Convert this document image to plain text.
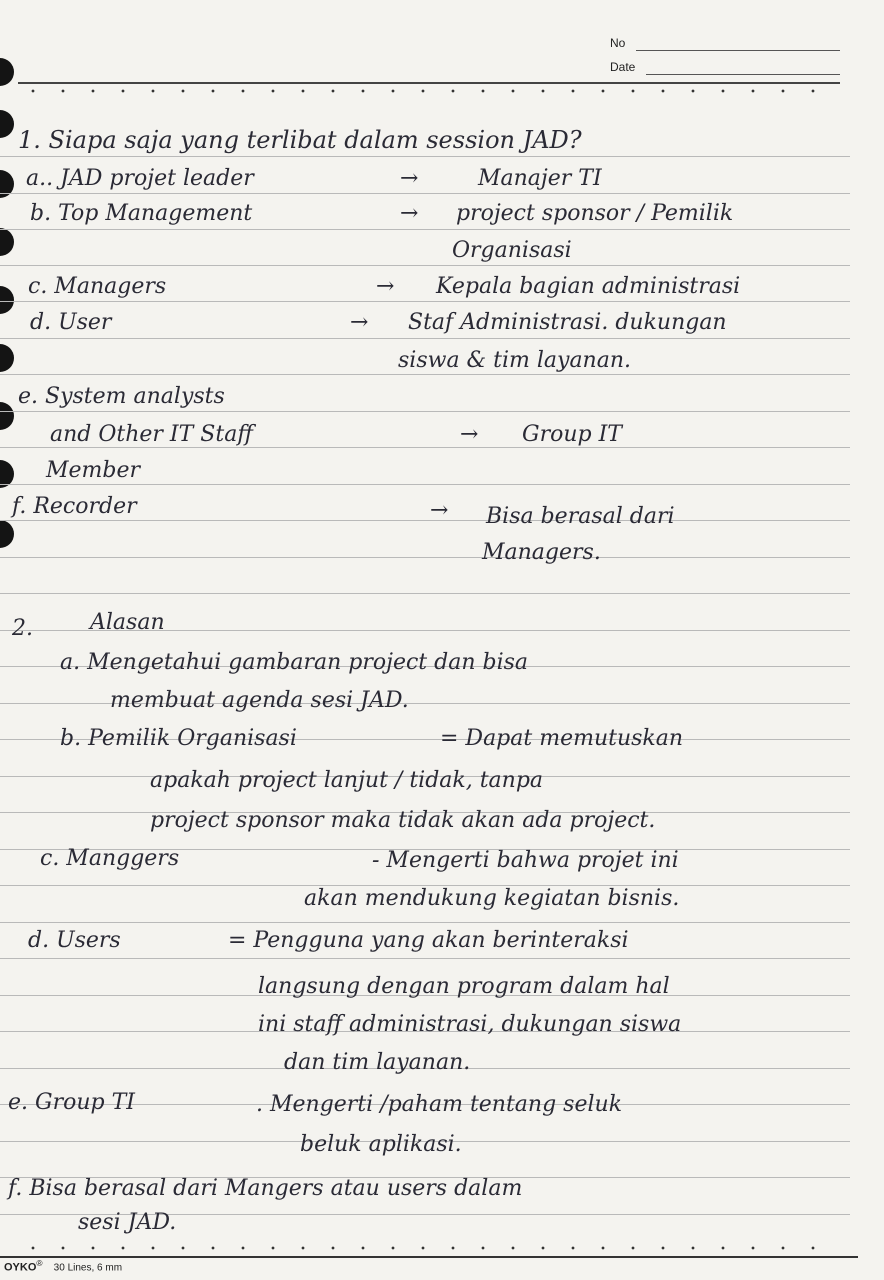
No
Date
1. Siapa saja yang terlibat dalam session JAD?
a.. JAD projet leader	→	Manajer TI
b. Top Management	→ project sponsor / Pemilik
Organisasi
c. Managers	→ Kepala bagian administrasi
d. User	→ Staf Administrasi. dukungan
siswa & tim layanan.
e. System analysts
and Other IT Staff	→ Group IT
Member
f. Recorder	→ Bisa berasal dari
Managers.
2.	Alasan
a. Mengetahui gambaran project dan bisa
membuat agenda sesi JAD.
b. Pemilik Organisasi	= Dapat memutuskan
apakah project lanjut / tidak, tanpa
project sponsor maka tidak akan ada project.
c. Manggers	- Mengerti bahwa projet ini
akan mendukung kegiatan bisnis.
d. Users	= Pengguna yang akan berinteraksi
langsung dengan program dalam hal
ini staff administrasi, dukungan siswa
dan tim layanan.
e. Group TI	. Mengerti /paham tentang seluk
beluk aplikasi.
f. Bisa berasal dari Mangers atau users dalam
sesi JAD.
OYKO® 30 Lines, 6 mm
